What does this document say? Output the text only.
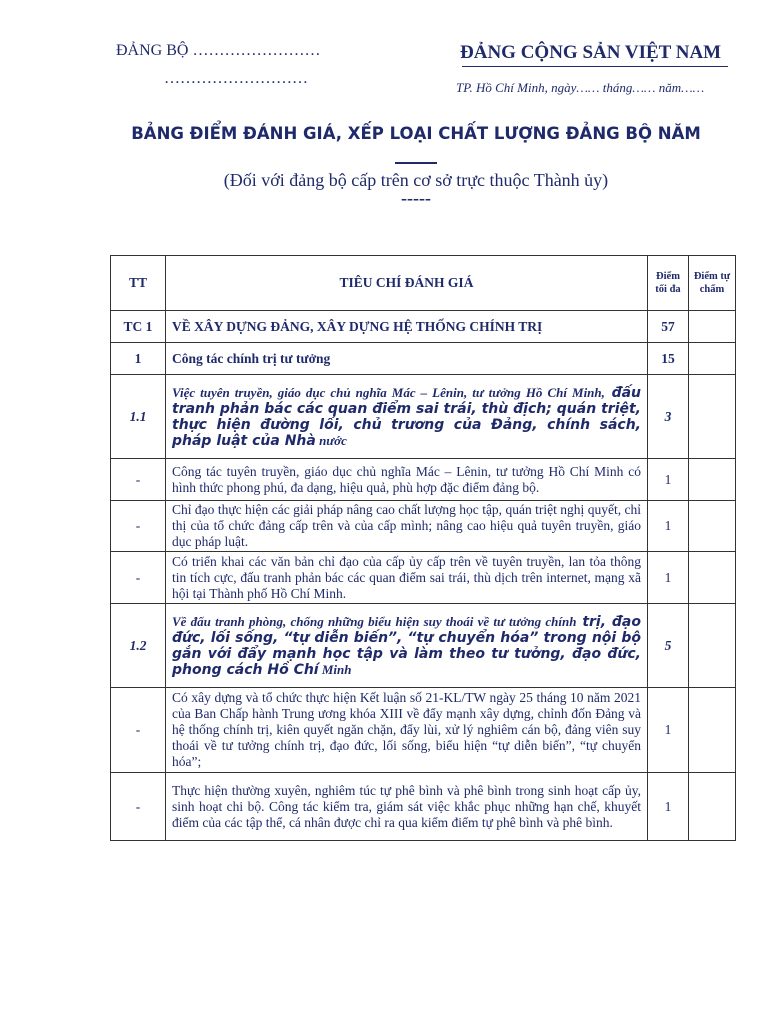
ĐẢNG BỘ ……………………
………………………
ĐẢNG CỘNG SẢN VIỆT NAM
TP. Hồ Chí Minh, ngày…… tháng…… năm……
BẢNG ĐIỂM ĐÁNH GIÁ, XẾP LOẠI CHẤT LƯỢNG ĐẢNG BỘ NĂM
(Đối với đảng bộ cấp trên cơ sở trực thuộc Thành ủy)
-----
TT	TIÊU CHÍ ĐÁNH GIÁ	Điểm tối đa	Điểm tự chấm
TC 1	VỀ XÂY DỰNG ĐẢNG, XÂY DỰNG HỆ THỐNG CHÍNH TRỊ	57	
1	Công tác chính trị tư tưởng	15	
1.1	Việc tuyên truyền, giáo dục chủ nghĩa Mác – Lênin, tư tưởng Hồ Chí Minh, đấu tranh phản bác các quan điểm sai trái, thù địch; quán triệt, thực hiện đường lối, chủ trương của Đảng, chính sách, pháp luật của Nhà nước	3	
-	Công tác tuyên truyền, giáo dục chủ nghĩa Mác – Lênin, tư tưởng Hồ Chí Minh có hình thức phong phú, đa dạng, hiệu quả, phù hợp đặc điểm đảng bộ.	1	
-	Chỉ đạo thực hiện các giải pháp nâng cao chất lượng học tập, quán triệt nghị quyết, chỉ thị của tổ chức đảng cấp trên và của cấp mình; nâng cao hiệu quả tuyên truyền, giáo dục pháp luật.	1	
-	Có triển khai các văn bản chỉ đạo của cấp ủy cấp trên về tuyên truyền, lan tỏa thông tin tích cực, đấu tranh phản bác các quan điểm sai trái, thù dịch trên internet, mạng xã hội tại Thành phố Hồ Chí Minh.	1	
1.2	Về đấu tranh phòng, chống những biểu hiện suy thoái về tư tưởng chính trị, đạo đức, lối sống, “tự diễn biến”, “tự chuyển hóa” trong nội bộ gắn với đẩy mạnh học tập và làm theo tư tưởng, đạo đức, phong cách Hồ Chí Minh	5	
-	Có xây dựng và tổ chức thực hiện Kết luận số 21-KL/TW ngày 25 tháng 10 năm 2021 của Ban Chấp hành Trung ương khóa XIII về đẩy mạnh xây dựng, chỉnh đốn Đảng và hệ thống chính trị, kiên quyết ngăn chặn, đẩy lùi, xử lý nghiêm cán bộ, đảng viên suy thoái về tư tưởng chính trị, đạo đức, lối sống, biểu hiện “tự diễn biến”, “tự chuyển hóa”;	1	
-	Thực hiện thường xuyên, nghiêm túc tự phê bình và phê bình trong sinh hoạt cấp ủy, sinh hoạt chi bộ. Công tác kiểm tra, giám sát việc khắc phục những hạn chế, khuyết điểm của các tập thể, cá nhân được chỉ ra qua kiểm điểm tự phê bình và phê bình.	1	
